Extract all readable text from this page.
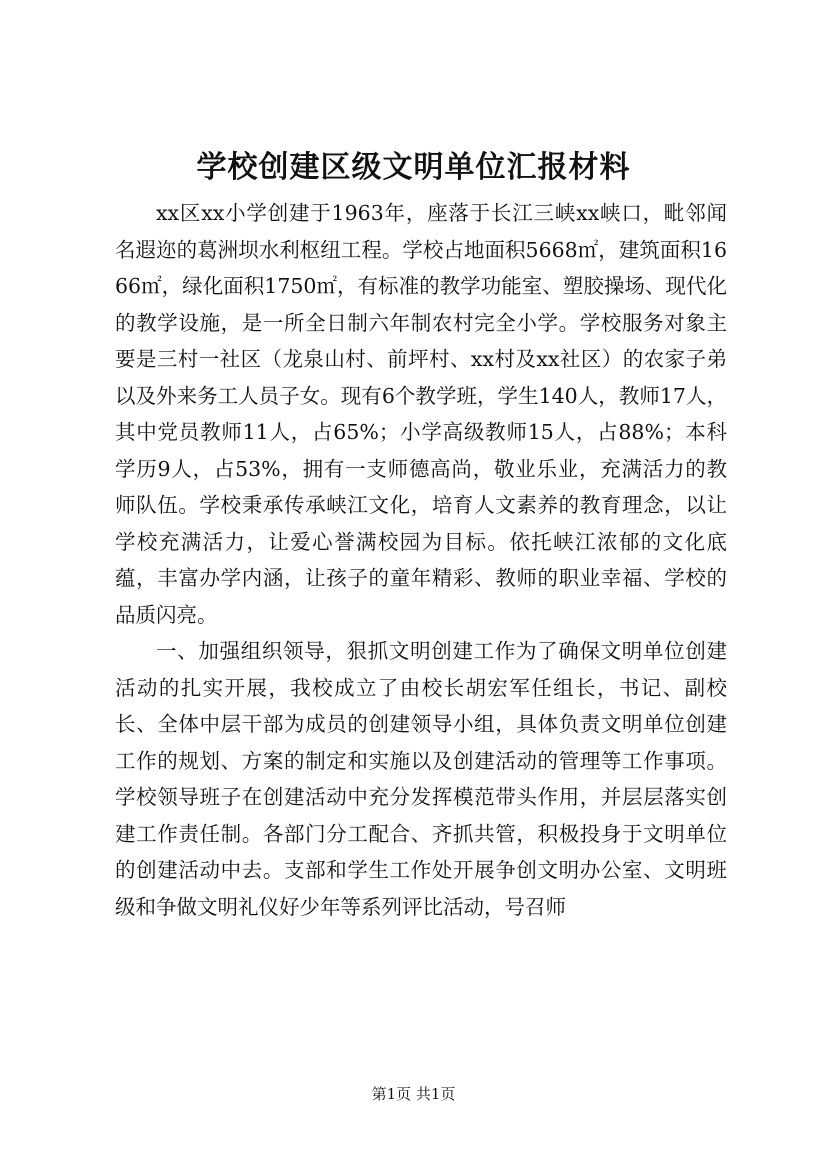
学校创建区级文明单位汇报材料

xx区xx小学创建于1963年，座落于长江三峡xx峡口，毗邻闻名遐迩的葛洲坝水利枢纽工程。学校占地面积5668㎡，建筑面积1666㎡，绿化面积1750㎡，有标准的教学功能室、塑胶操场、现代化的教学设施，是一所全日制六年制农村完全小学。学校服务对象主要是三村一社区（龙泉山村、前坪村、xx村及xx社区）的农家子弟以及外来务工人员子女。现有6个教学班，学生140人，教师17人，其中党员教师11人，占65%；小学高级教师15人，占88%；本科学历9人，占53%，拥有一支师德高尚，敬业乐业，充满活力的教师队伍。学校秉承传承峡江文化，培育人文素养的教育理念，以让学校充满活力，让爱心誉满校园为目标。依托峡江浓郁的文化底蕴，丰富办学内涵，让孩子的童年精彩、教师的职业幸福、学校的品质闪亮。

一、加强组织领导，狠抓文明创建工作为了确保文明单位创建活动的扎实开展，我校成立了由校长胡宏军任组长，书记、副校长、全体中层干部为成员的创建领导小组，具体负责文明单位创建工作的规划、方案的制定和实施以及创建活动的管理等工作事项。学校领导班子在创建活动中充分发挥模范带头作用，并层层落实创建工作责任制。各部门分工配合、齐抓共管，积极投身于文明单位的创建活动中去。支部和学生工作处开展争创文明办公室、文明班级和争做文明礼仪好少年等系列评比活动，号召师

第1页 共1页
